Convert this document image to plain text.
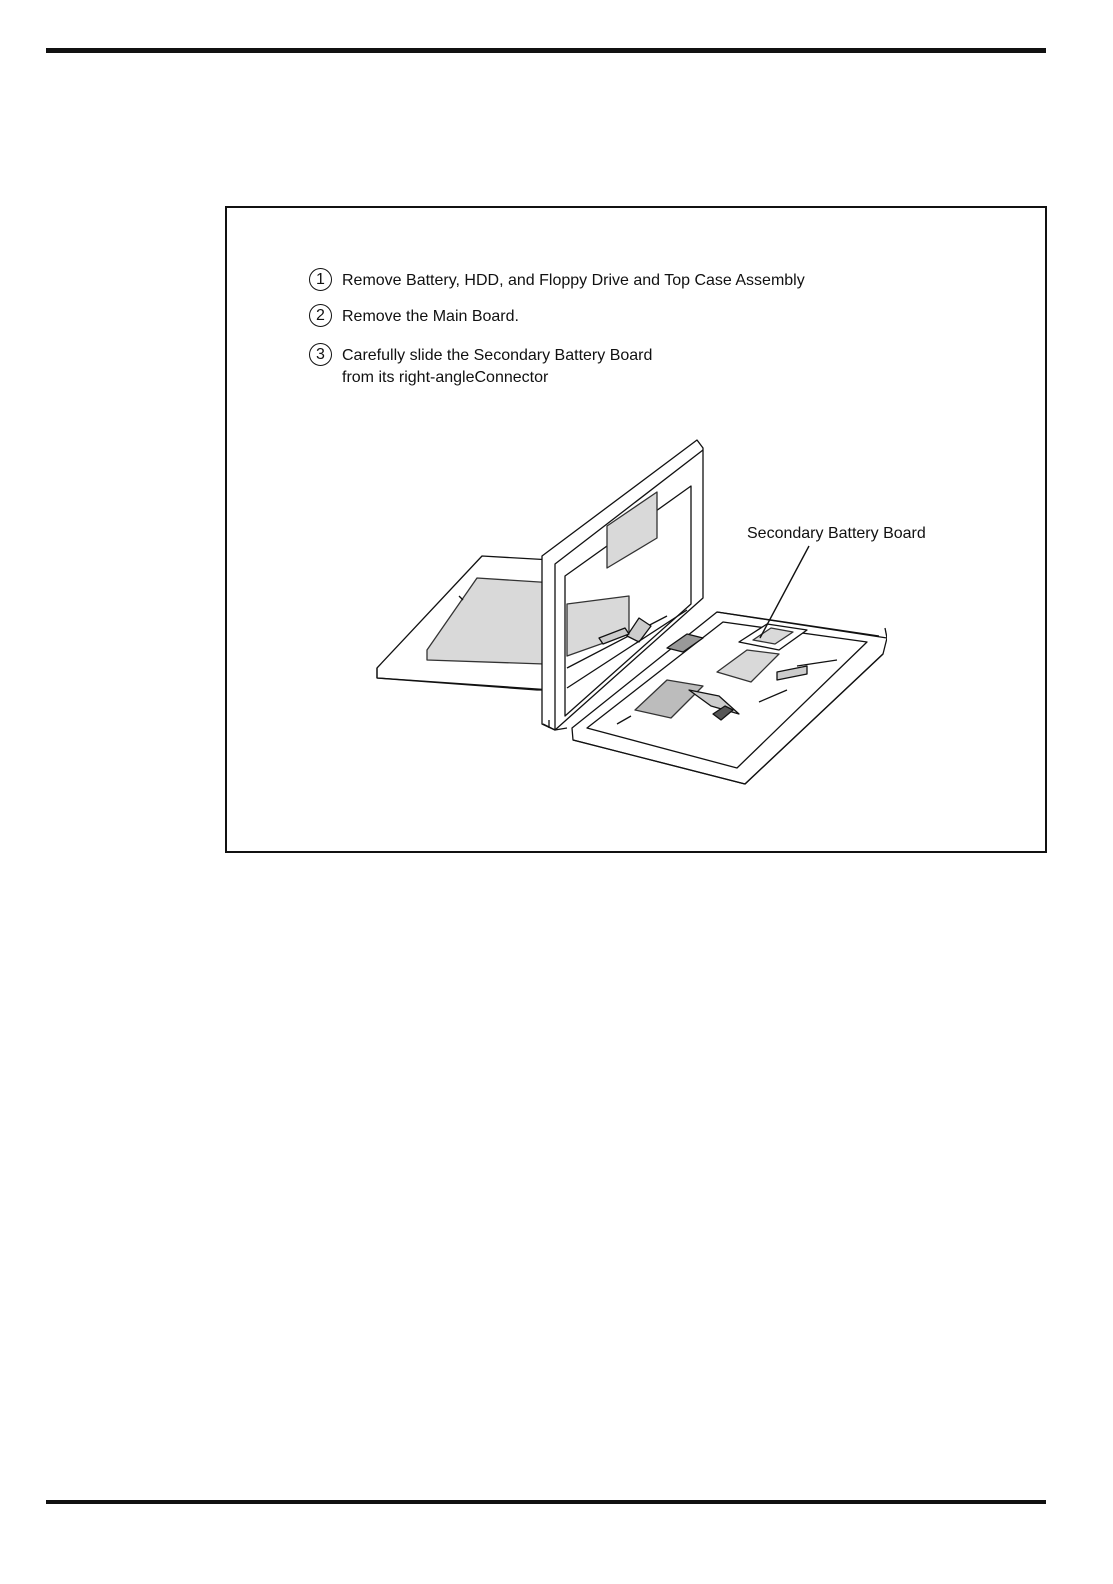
1	Remove Battery, HDD, and Floppy Drive and Top Case Assembly
2	Remove the Main Board.
3	Carefully slide the Secondary Battery Board
from its right-angleConnector
Secondary Battery Board
